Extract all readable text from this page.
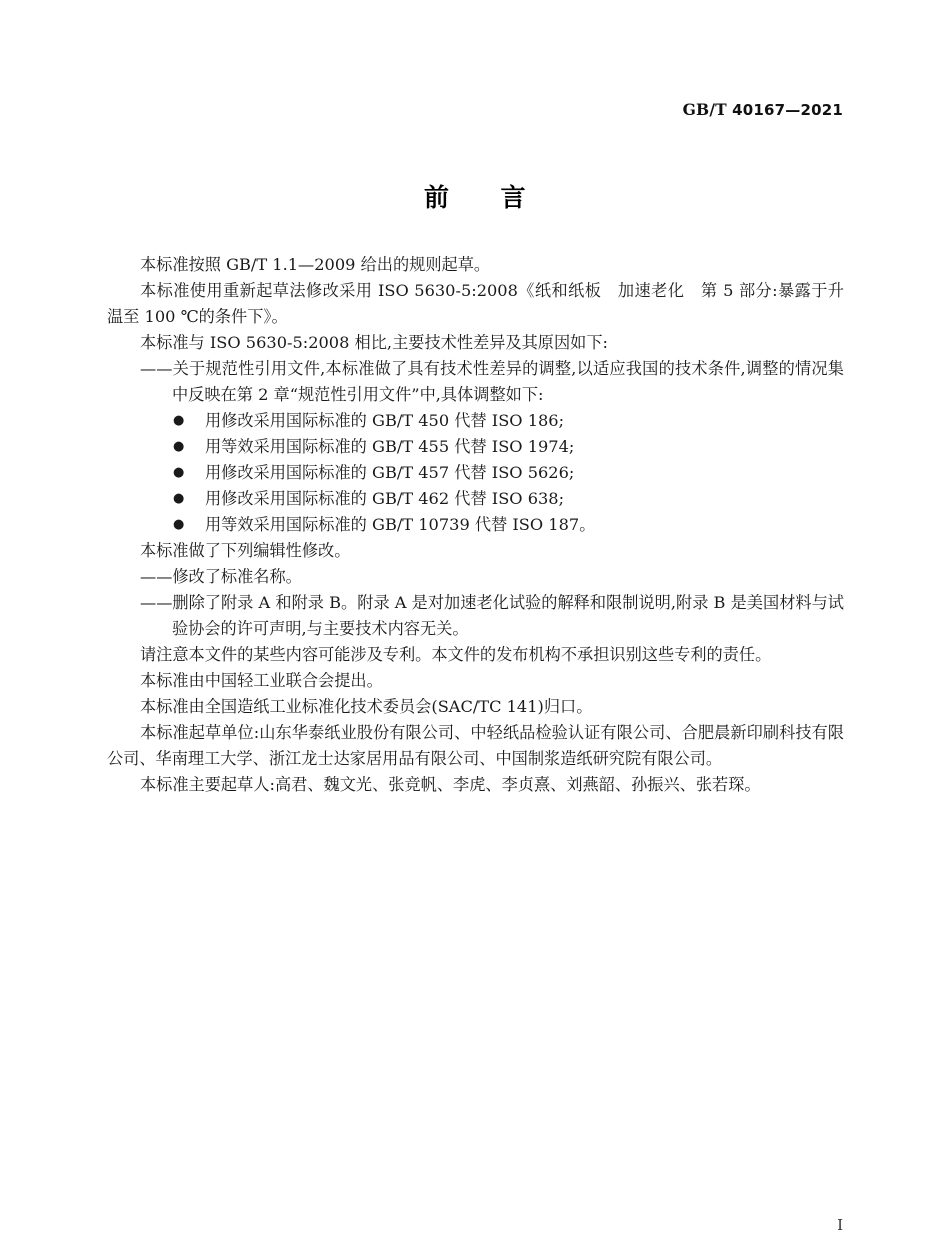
GB/T 40167—2021
前　　言

本标准按照 GB/T 1.1—2009 给出的规则起草。

本标准使用重新起草法修改采用 ISO 5630-5:2008《纸和纸板　加速老化　第 5 部分:暴露于升温至 100 ℃的条件下》。

本标准与 ISO 5630-5:2008 相比,主要技术性差异及其原因如下:

——关于规范性引用文件,本标准做了具有技术性差异的调整,以适应我国的技术条件,调整的情况集中反映在第 2 章“规范性引用文件”中,具体调整如下:

● 用修改采用国际标准的 GB/T 450 代替 ISO 186;
● 用等效采用国际标准的 GB/T 455 代替 ISO 1974;
● 用修改采用国际标准的 GB/T 457 代替 ISO 5626;
● 用修改采用国际标准的 GB/T 462 代替 ISO 638;
● 用等效采用国际标准的 GB/T 10739 代替 ISO 187。

本标准做了下列编辑性修改。

——修改了标准名称。

——删除了附录 A 和附录 B。附录 A 是对加速老化试验的解释和限制说明,附录 B 是美国材料与试验协会的许可声明,与主要技术内容无关。

请注意本文件的某些内容可能涉及专利。本文件的发布机构不承担识别这些专利的责任。

本标准由中国轻工业联合会提出。

本标准由全国造纸工业标准化技术委员会(SAC/TC 141)归口。

本标准起草单位:山东华泰纸业股份有限公司、中轻纸品检验认证有限公司、合肥晨新印刷科技有限公司、华南理工大学、浙江龙士达家居用品有限公司、中国制浆造纸研究院有限公司。

本标准主要起草人:高君、魏文光、张竞帆、李虎、李贞熹、刘燕韶、孙振兴、张若琛。

I
